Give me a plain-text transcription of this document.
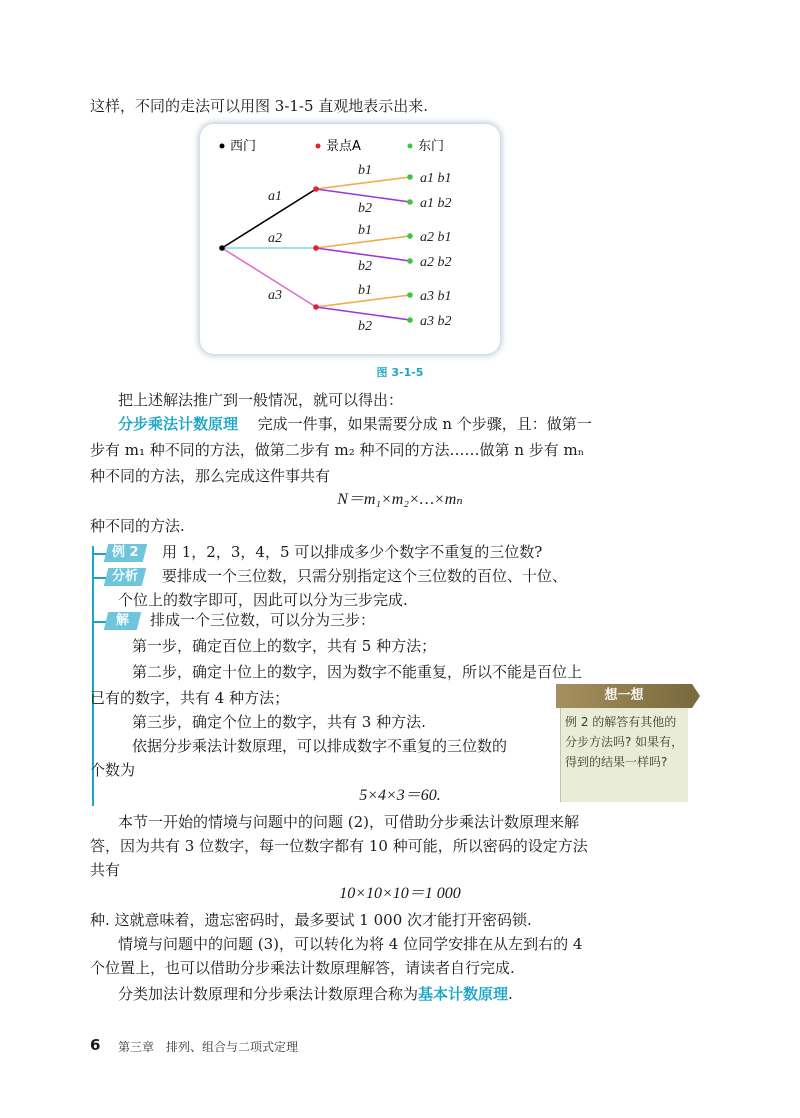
这样，不同的走法可以用图 3-1-5 直观地表示出来.
西门	景点A	东门
a1
a2
a3
b1
b2
b1
b2
b1
b2
a1 b1
a1 b2
a2 b1
a2 b2
a3 b1
a3 b2
图 3-1-5
把上述解法推广到一般情况，就可以得出：
分步乘法计数原理 完成一件事，如果需要分成 n 个步骤，且：做第一
步有 m₁ 种不同的方法，做第二步有 m₂ 种不同的方法……做第 n 步有 mₙ
种不同的方法，那么完成这件事共有
N＝m₁×m₂×…×mₙ
种不同的方法.
例 2	用 1，2，3，4，5 可以排成多少个数字不重复的三位数?
分析	要排成一个三位数，只需分别指定这个三位数的百位、十位、
个位上的数字即可，因此可以分为三步完成.
解	排成一个三位数，可以分为三步：
第一步，确定百位上的数字，共有 5 种方法；
第二步，确定十位上的数字，因为数字不能重复，所以不能是百位上
已有的数字，共有 4 种方法；
第三步，确定个位上的数字，共有 3 种方法.
依据分步乘法计数原理，可以排成数字不重复的三位数的
个数为
5×4×3＝60.
想一想
例 2 的解答有其他的分步方法吗? 如果有，得到的结果一样吗?
本节一开始的情境与问题中的问题 (2)，可借助分步乘法计数原理来解
答，因为共有 3 位数字，每一位数字都有 10 种可能，所以密码的设定方法
共有
10×10×10＝1 000
种. 这就意味着，遗忘密码时，最多要试 1 000 次才能打开密码锁.
情境与问题中的问题 (3)，可以转化为将 4 位同学安排在从左到右的 4
个位置上，也可以借助分步乘法计数原理解答，请读者自行完成.
分类加法计数原理和分步乘法计数原理合称为基本计数原理.
6 第三章　排列、组合与二项式定理
